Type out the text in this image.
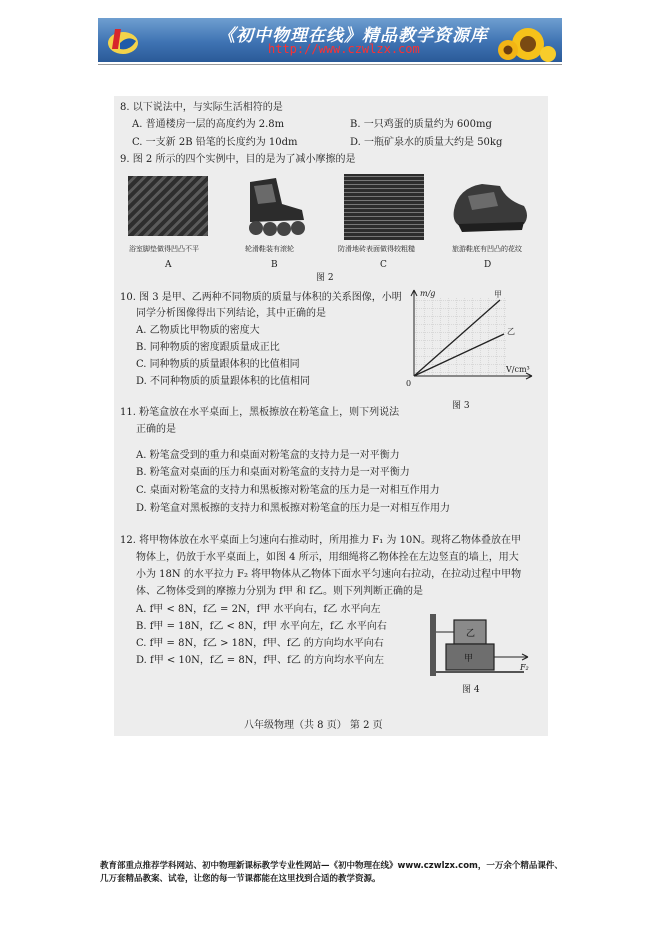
《初中物理在线》精品教学资源库
http://www.czwlzx.com
8. 以下说法中，与实际生活相符的是
A. 普通楼房一层的高度约为 2.8m	B. 一只鸡蛋的质量约为 600mg
C. 一支新 2B 铅笔的长度约为 10dm	D. 一瓶矿泉水的质量大约是 50kg
9. 图 2 所示的四个实例中，目的是为了减小摩擦的是
浴室脚垫做得凹凸不平	轮滑鞋装有滚轮	防滑地砖表面做得较粗糙	旅游鞋底有凹凸的花纹
A	B	C	D
图 2
10. 图 3 是甲、乙两种不同物质的质量与体积的关系图像，小明
同学分析图像得出下列结论，其中正确的是
A. 乙物质比甲物质的密度大
B. 同种物质的密度跟质量成正比
C. 同种物质的质量跟体积的比值相同
D. 不同种物质的质量跟体积的比值相同
m/g
V/cm³
0
甲
乙
图 3
11. 粉笔盒放在水平桌面上，黑板擦放在粉笔盒上，则下列说法
正确的是
A. 粉笔盒受到的重力和桌面对粉笔盒的支持力是一对平衡力
B. 粉笔盒对桌面的压力和桌面对粉笔盒的支持力是一对平衡力
C. 桌面对粉笔盒的支持力和黑板擦对粉笔盒的压力是一对相互作用力
D. 粉笔盒对黑板擦的支持力和黑板擦对粉笔盒的压力是一对相互作用力
12. 将甲物体放在水平桌面上匀速向右推动时，所用推力 F₁ 为 10N。现将乙物体叠放在甲
物体上，仍放于水平桌面上，如图 4 所示，用细绳将乙物体拴在左边竖直的墙上，用大
小为 18N 的水平拉力 F₂ 将甲物体从乙物体下面水平匀速向右拉动，在拉动过程中甲物
体、乙物体受到的摩擦力分别为 f甲 和 f乙。则下列判断正确的是
A. f甲 < 8N，f乙 = 2N，f甲 水平向右，f乙 水平向左
B. f甲 = 18N，f乙 < 8N，f甲 水平向左，f乙 水平向右
C. f甲 = 8N，f乙 > 18N，f甲、f乙 的方向均水平向右
D. f甲 < 10N，f乙 = 8N，f甲、f乙 的方向均水平向左
乙
甲
F₂
图 4
八年级物理（共 8 页） 第 2 页
教育部重点推荐学科网站、初中物理新课标教学专业性网站—《初中物理在线》www.czwlzx.com，一万余个精品课件、几万套精品教案、试卷，让您的每一节课都能在这里找到合适的教学资源。
